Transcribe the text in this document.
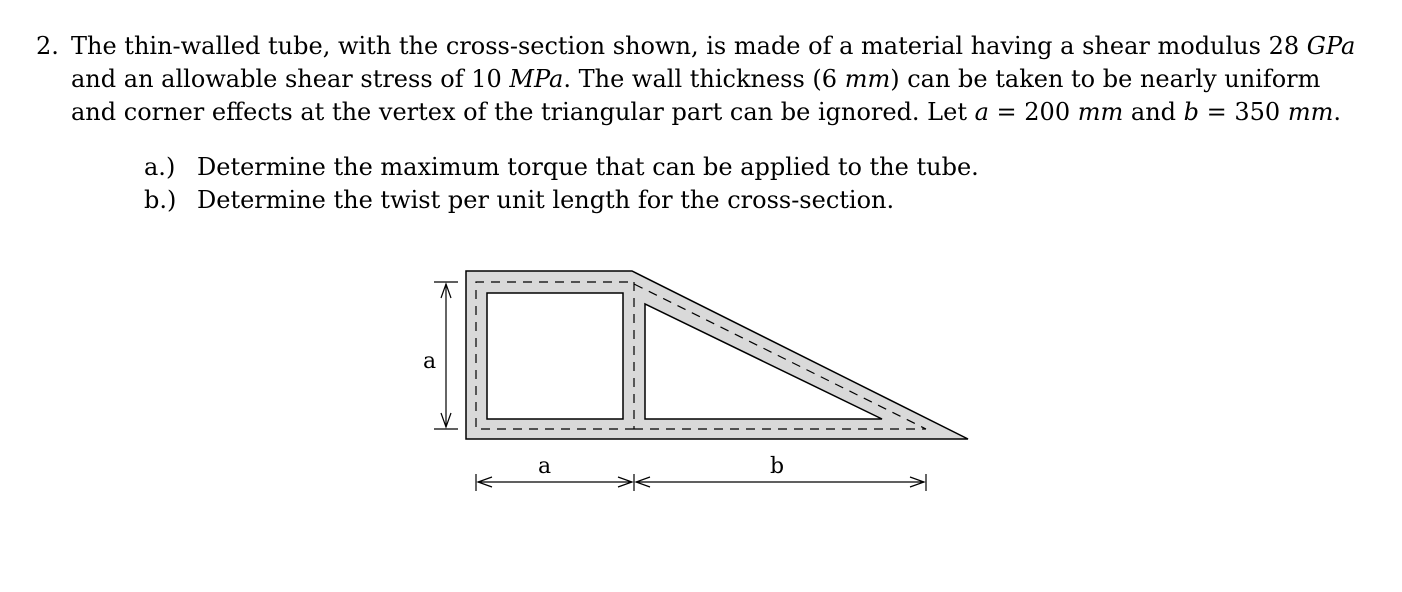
2. The thin-walled tube, with the cross-section shown, is made of a material having a shear modulus 28 GPa
and an allowable shear stress of 10 MPa. The wall thickness (6 mm) can be taken to be nearly uniform
and corner effects at the vertex of the triangular part can be ignored. Let a = 200 mm and b = 350 mm.
a.) Determine the maximum torque that can be applied to the tube.
b.) Determine the twist per unit length for the cross-section.
a
a	b
